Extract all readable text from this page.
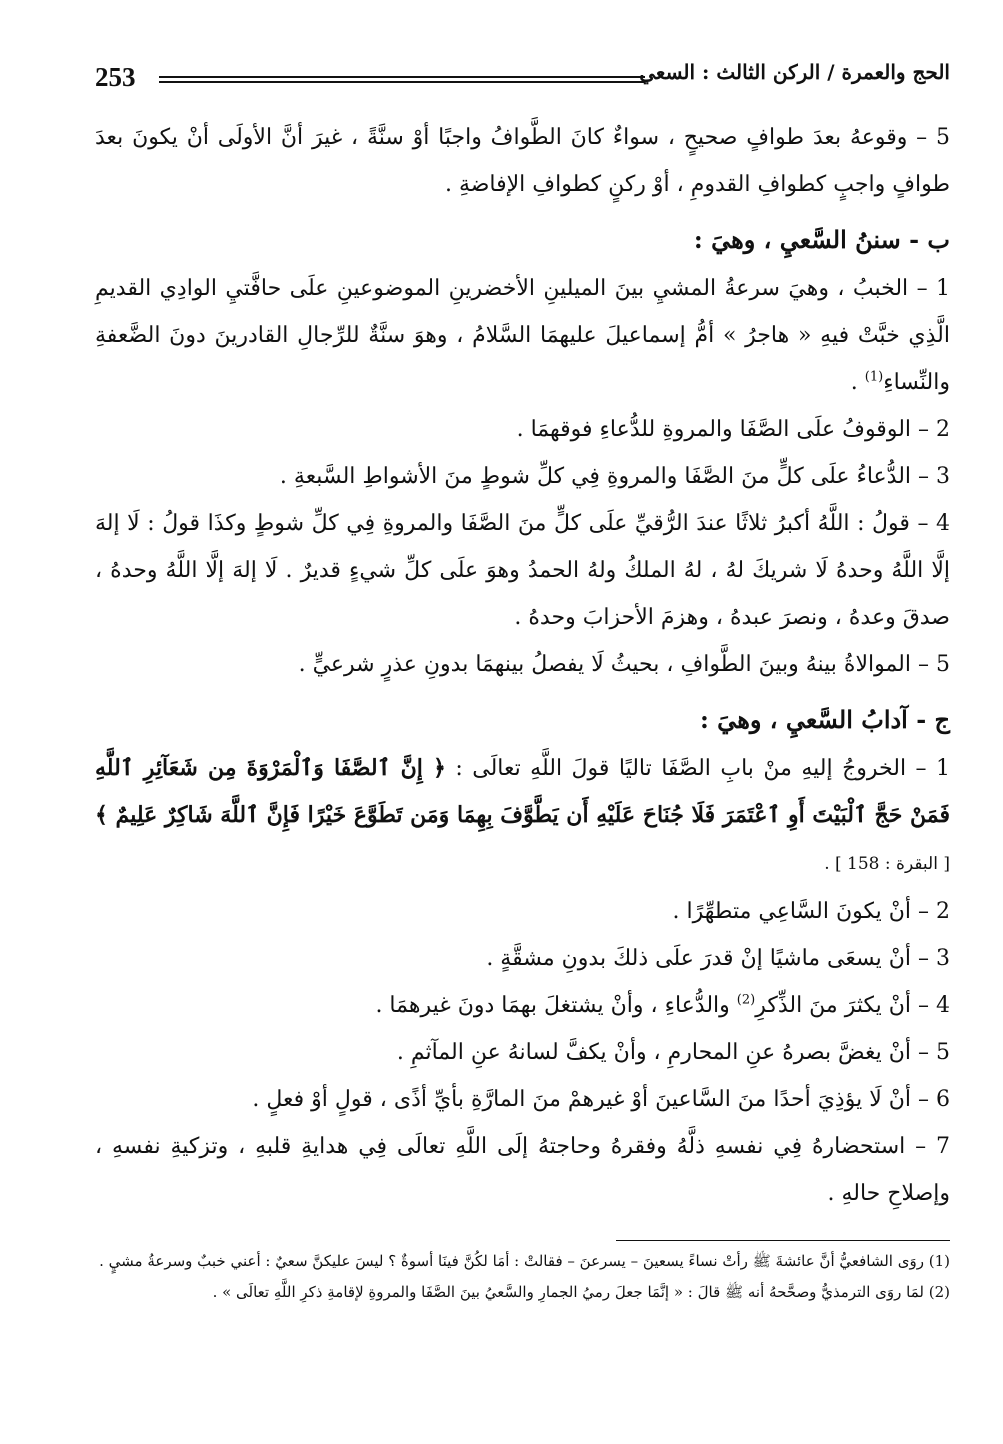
253	الحج والعمرة / الركن الثالث : السعي

5 – وقوعهُ بعدَ طوافٍ صحيحٍ ، سواءٌ كانَ الطَّوافُ واجبًا أوْ سنَّةً ، غيرَ أنَّ الأولَى أنْ يكونَ بعدَ طوافٍ واجبٍ كطوافِ القدومِ ، أوْ ركنٍ كطوافِ الإفاضةِ .

ب - سننُ السَّعيِ ، وهيَ :

1 – الخببُ ، وهيَ سرعةُ المشيِ بينَ الميلينِ الأخضرينِ الموضوعينِ علَى حافَّتيِ الوادِي القديمِ الَّذِي خبَّتْ فيهِ « هاجرُ » أمُّ إسماعيلَ عليهمَا السَّلامُ ، وهوَ سنَّةٌ للرِّجالِ القادرينَ دونَ الضَّعفةِ والنِّساءِ$^{(1)}$ .

2 – الوقوفُ علَى الصَّفَا والمروةِ للدُّعاءِ فوقهمَا .

3 – الدُّعاءُ علَى كلٍّ منَ الصَّفَا والمروةِ فِي كلِّ شوطٍ منَ الأشواطِ السَّبعةِ .

4 – قولُ : اللَّهُ أكبرُ ثلاثًا عندَ الرُّقيِّ علَى كلٍّ منَ الصَّفَا والمروةِ فِي كلِّ شوطٍ وكذَا قولُ : لَا إلهَ إلَّا اللَّهُ وحدهُ لَا شريكَ لهُ ، لهُ الملكُ ولهُ الحمدُ وهوَ علَى كلِّ شيءٍ قديرٌ . لَا إلهَ إلَّا اللَّهُ وحدهُ ، صدقَ وعدهُ ، ونصرَ عبدهُ ، وهزمَ الأحزابَ وحدهُ .

5 – الموالاةُ بينهُ وبينَ الطَّوافِ ، بحيثُ لَا يفصلُ بينهمَا بدونِ عذرٍ شرعيٍّ .

ج - آدابُ السَّعيِ ، وهيَ :

1 – الخروجُ إليهِ منْ بابِ الصَّفَا تاليًا قولَ اللَّهِ تعالَى : ﴿ إِنَّ ٱلصَّفَا وَٱلْمَرْوَةَ مِن شَعَآئِرِ ٱللَّهِ فَمَنْ حَجَّ ٱلْبَيْتَ أَوِ ٱعْتَمَرَ فَلَا جُنَاحَ عَلَيْهِ أَن يَطَّوَّفَ بِهِمَا وَمَن تَطَوَّعَ خَيْرًا فَإِنَّ ٱللَّهَ شَاكِرٌ عَلِيمٌ ﴾ [ البقرة : 158 ] .

2 – أنْ يكونَ السَّاعِي متطهِّرًا .

3 – أنْ يسعَى ماشيًا إنْ قدرَ علَى ذلكَ بدونِ مشقَّةٍ .

4 – أنْ يكثرَ منَ الذِّكرِ$^{(2)}$ والدُّعاءِ ، وأنْ يشتغلَ بهمَا دونَ غيرهمَا .

5 – أنْ يغضَّ بصرهُ عنِ المحارمِ ، وأنْ يكفَّ لسانهُ عنِ المآثمِ .

6 – أنْ لَا يؤذِيَ أحدًا منَ السَّاعينَ أوْ غيرهمْ منَ المارَّةِ بأيِّ أذًى ، قولٍ أوْ فعلٍ .

7 – استحضارهُ فِي نفسهِ ذلَّهُ وفقرهُ وحاجتهُ إلَى اللَّهِ تعالَى فِي هدايةِ قلبهِ ، وتزكيةِ نفسهِ ، وإصلاحِ حالهِ .

(1) روَى الشافعيُّ أنَّ عائشةَ ﷺ رأتْ نساءً يسعينَ – يسرعنَ – فقالتْ : أمَا لكُنَّ فينَا أسوةٌ ؟ ليسَ عليكنَّ سعيٌ : أعني خببٌ وسرعةُ مشيٍ .

(2) لمَا روَى الترمذيُّ وصحَّحهُ أنه ﷺ قالَ : « إنَّمَا جعلَ رميُ الجمارِ والسَّعيُ بينَ الصَّفَا والمروةِ لإقامةِ ذكرِ اللَّهِ تعالَى » .
